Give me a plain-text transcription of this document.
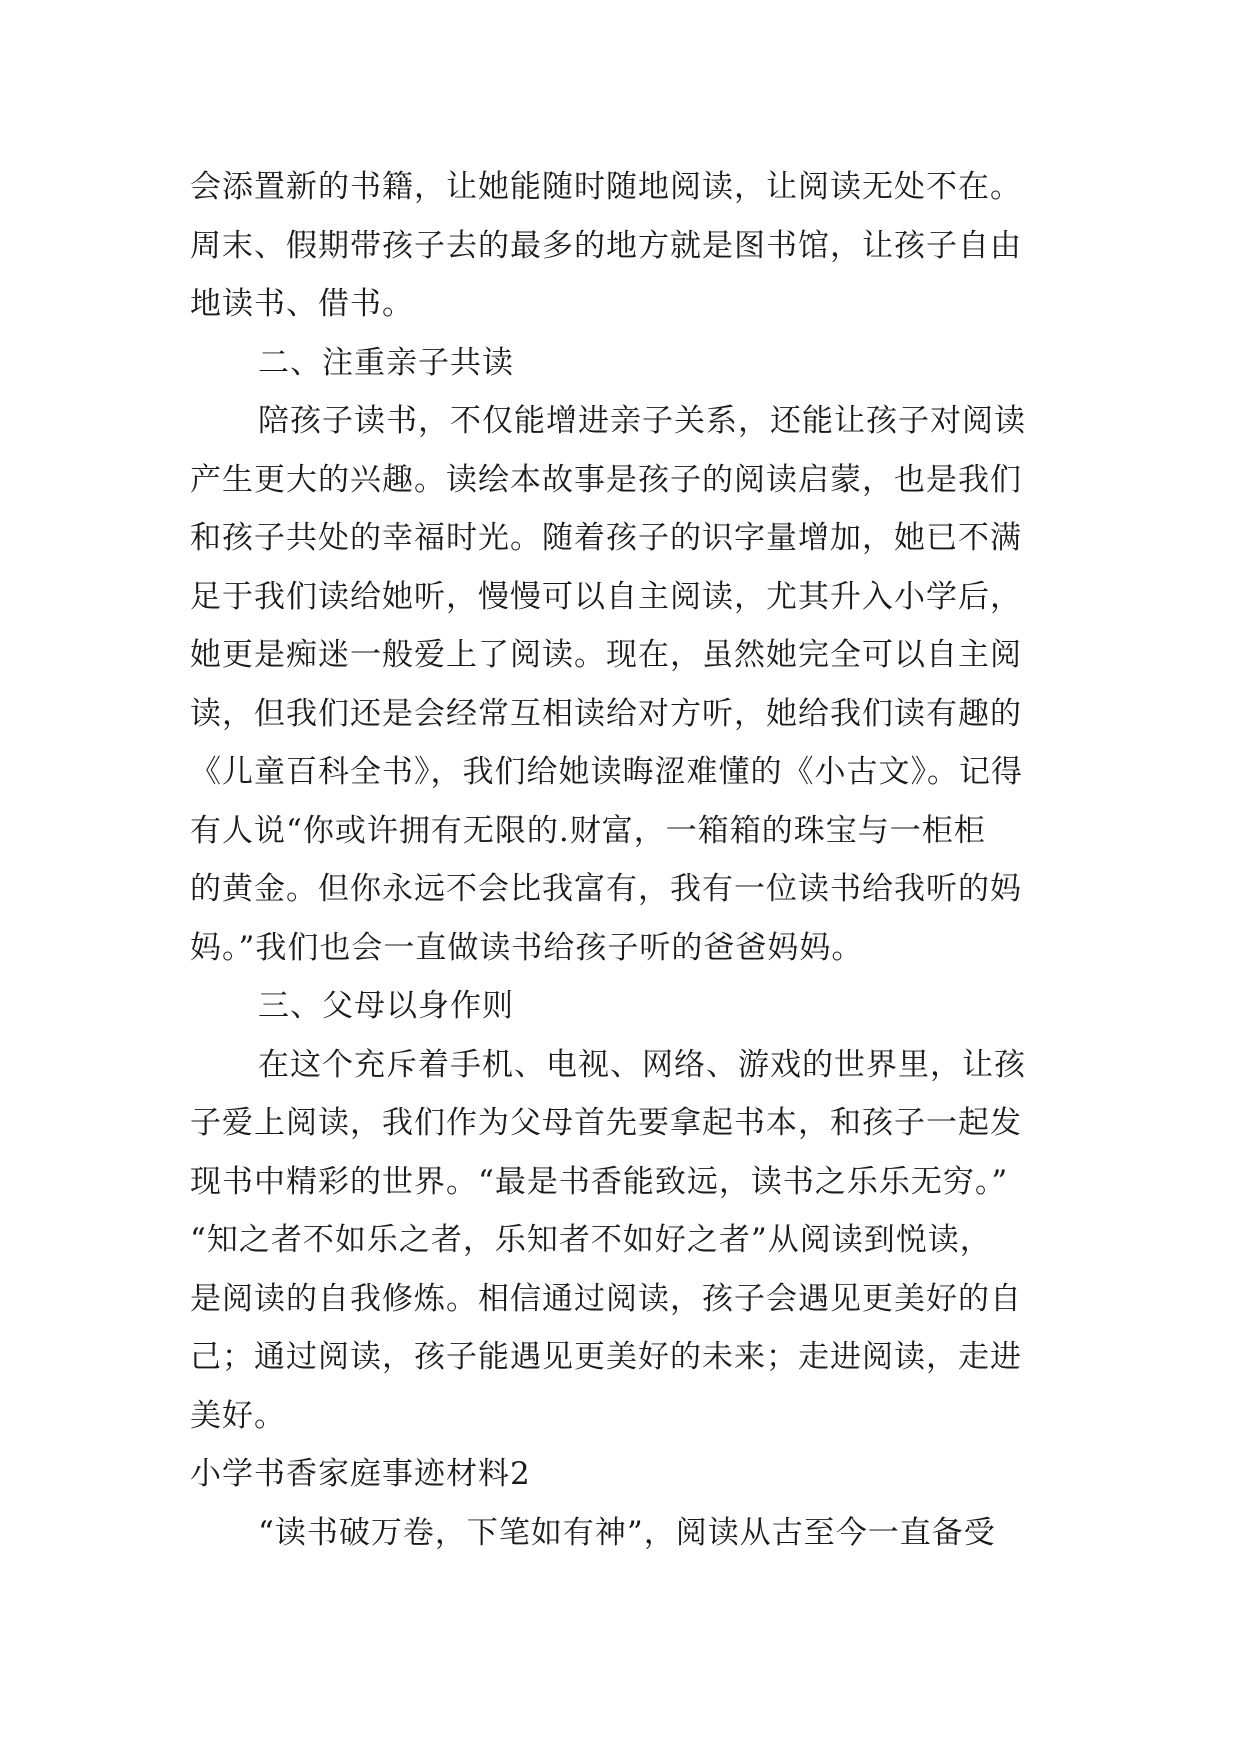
会添置新的书籍，让她能随时随地阅读，让阅读无处不在。
周末、假期带孩子去的最多的地方就是图书馆，让孩子自由
地读书、借书。
二、注重亲子共读
陪孩子读书，不仅能增进亲子关系，还能让孩子对阅读
产生更大的兴趣。读绘本故事是孩子的阅读启蒙，也是我们
和孩子共处的幸福时光。随着孩子的识字量增加，她已不满
足于我们读给她听，慢慢可以自主阅读，尤其升入小学后，
她更是痴迷一般爱上了阅读。现在，虽然她完全可以自主阅
读，但我们还是会经常互相读给对方听，她给我们读有趣的
《儿童百科全书》，我们给她读晦涩难懂的《小古文》。记得
有人说“你或许拥有无限的.财富，一箱箱的珠宝与一柜柜
的黄金。但你永远不会比我富有，我有一位读书给我听的妈
妈。”我们也会一直做读书给孩子听的爸爸妈妈。
三、父母以身作则
在这个充斥着手机、电视、网络、游戏的世界里，让孩
子爱上阅读，我们作为父母首先要拿起书本，和孩子一起发
现书中精彩的世界。“最是书香能致远，读书之乐乐无穷。”
“知之者不如乐之者，乐知者不如好之者”从阅读到悦读，
是阅读的自我修炼。相信通过阅读，孩子会遇见更美好的自
己；通过阅读，孩子能遇见更美好的未来；走进阅读，走进
美好。
小学书香家庭事迹材料2
“读书破万卷，下笔如有神”，阅读从古至今一直备受
